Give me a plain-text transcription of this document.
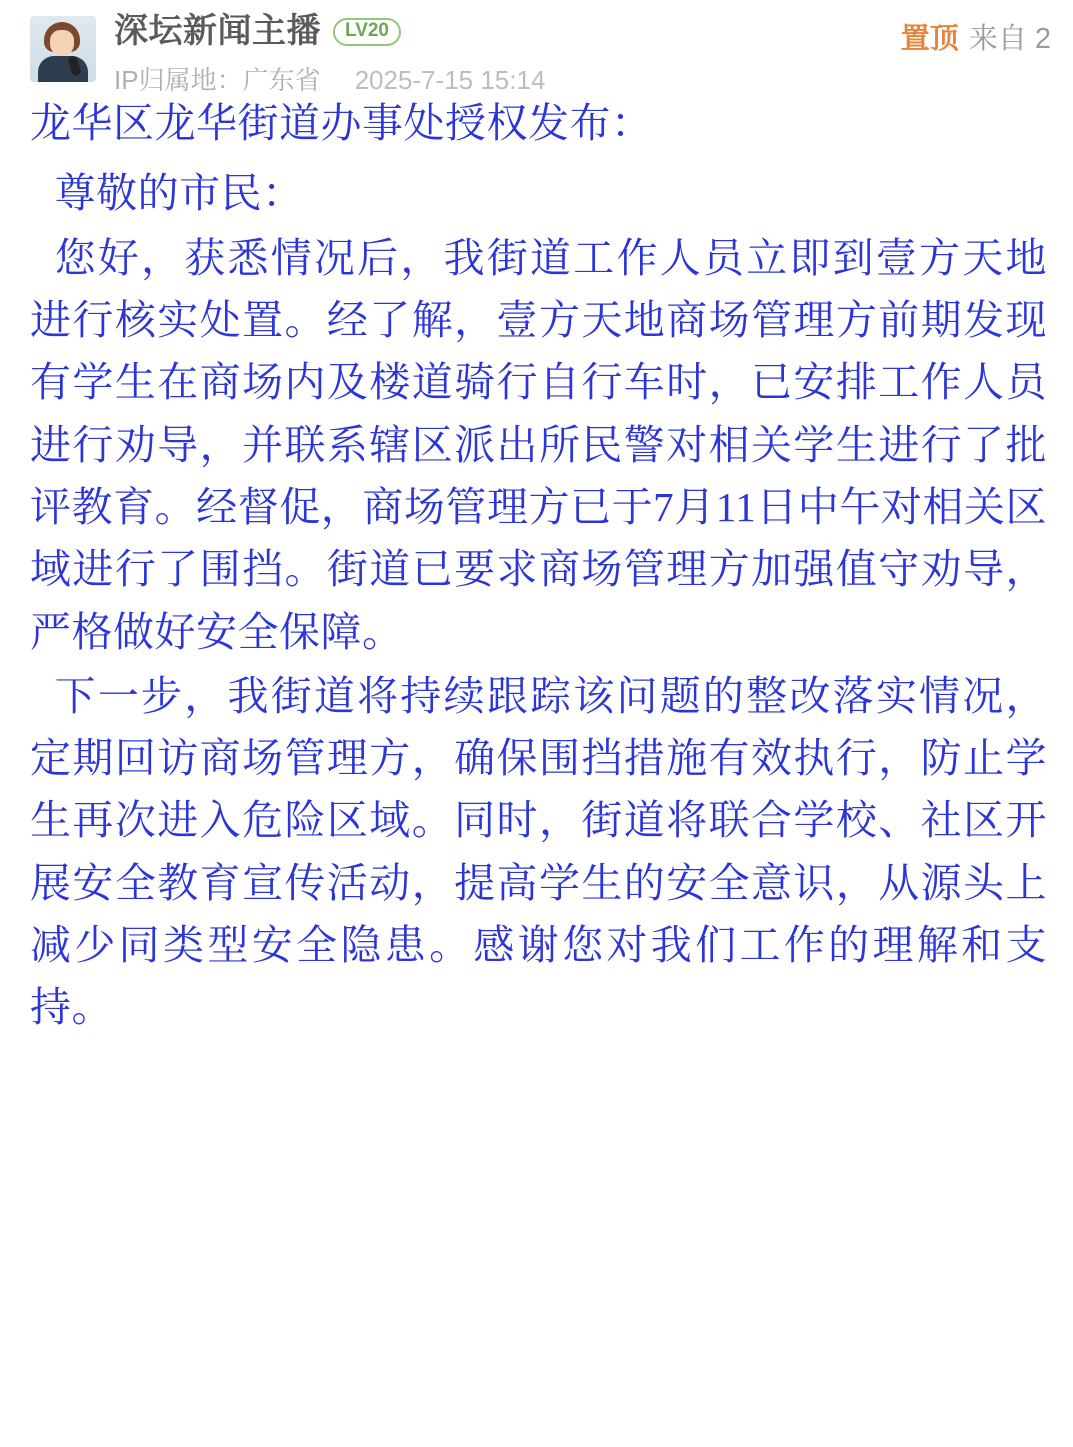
深坛新闻主播	LV20
IP归属地：广东省 2025-7-15 15:14
置顶 来自 2

龙华区龙华街道办事处授权发布：

尊敬的市民：

您好，获悉情况后，我街道工作人员立即到壹方天地进行核实处置。经了解，壹方天地商场管理方前期发现有学生在商场内及楼道骑行自行车时，已安排工作人员进行劝导，并联系辖区派出所民警对相关学生进行了批评教育。经督促，商场管理方已于7月11日中午对相关区域进行了围挡。街道已要求商场管理方加强值守劝导，严格做好安全保障。

下一步，我街道将持续跟踪该问题的整改落实情况，定期回访商场管理方，确保围挡措施有效执行，防止学生再次进入危险区域。同时，街道将联合学校、社区开展安全教育宣传活动，提高学生的安全意识，从源头上减少同类型安全隐患。感谢您对我们工作的理解和支持。
